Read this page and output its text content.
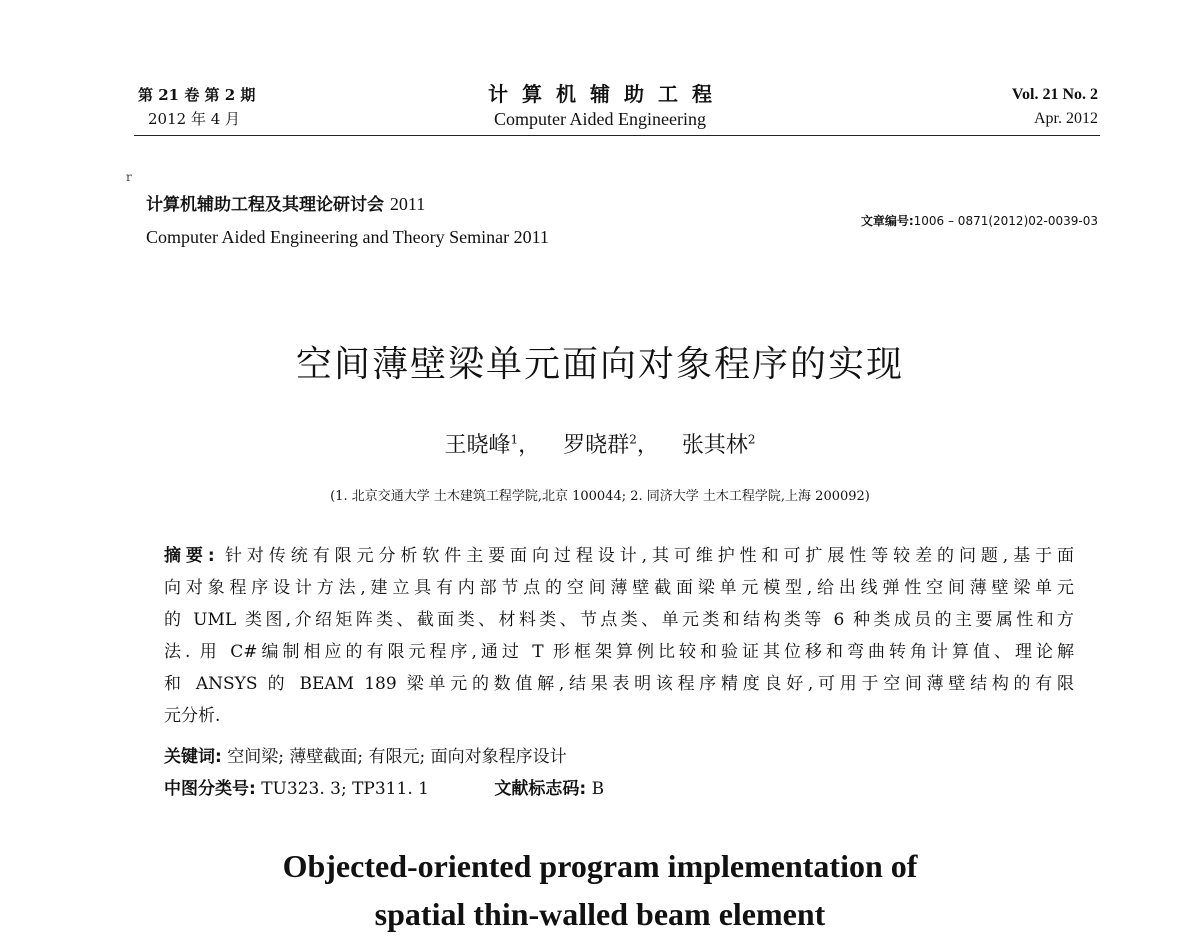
第 21 卷 第 2 期
2012 年 4 月
计算机辅助工程
Computer Aided Engineering
Vol. 21 No. 2
Apr. 2012
r
计算机辅助工程及其理论研讨会 2011
Computer Aided Engineering and Theory Seminar 2011
文章编号:1006 – 0871(2012)02-0039-03
空间薄壁梁单元面向对象程序的实现
王晓峰$^1$， 罗晓群$^2$， 张其林$^2$
(1. 北京交通大学 土木建筑工程学院,北京 100044; 2. 同济大学 土木工程学院,上海 200092)
摘要: 针对传统有限元分析软件主要面向过程设计,其可维护性和可扩展性等较差的问题,基于面
向对象程序设计方法,建立具有内部节点的空间薄壁截面梁单元模型,给出线弹性空间薄壁梁单元
的 UML 类图,介绍矩阵类、截面类、材料类、节点类、单元类和结构类等 6 种类成员的主要属性和方
法. 用 C#编制相应的有限元程序,通过 T 形框架算例比较和验证其位移和弯曲转角计算值、理论解
和 ANSYS 的 BEAM 189 梁单元的数值解,结果表明该程序精度良好,可用于空间薄壁结构的有限
元分析.
关键词: 空间梁; 薄壁截面; 有限元; 面向对象程序设计
中图分类号: TU323. 3; TP311. 1	文献标志码: B
Objected-oriented program implementation of
spatial thin-walled beam element
